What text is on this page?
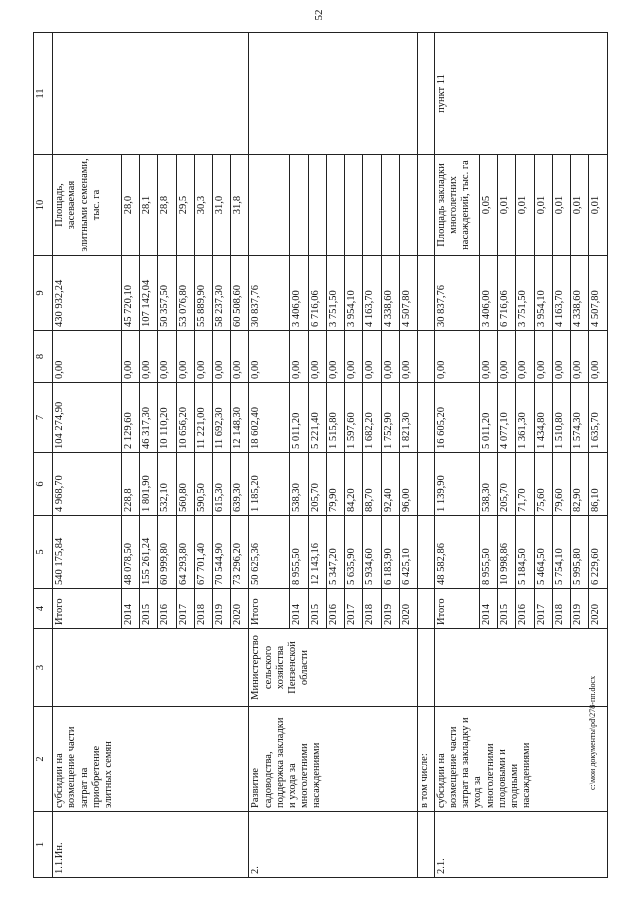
52
1	2	3	4	5	6	7	8	9	10	11
1.1.Ин.	субсидии на возмещение части затрат на приобретение элитных семян		Итого	540 175,84	4 968,70	104 274,90	0,00	430 932,24	Площадь, засеваемая элитными семенами, тыс. га	
			2014	48 078,50	228,8	2 129,60	0,00	45 720,10	28,0	
			2015	155 261,24	1 801,90	46 317,30	0,00	107 142,04	28,1	
			2016	60 999,80	532,10	10 110,20	0,00	50 357,50	28,8	
			2017	64 293,80	560,80	10 656,20	0,00	53 076,80	29,5	
			2018	67 701,40	590,50	11 221,00	0,00	55 889,90	30,3	
			2019	70 544,90	615,30	11 692,30	0,00	58 237,30	31,0	
			2020	73 296,20	639,30	12 148,30	0,00	60 508,60	31,8	
2.	Развитие садоводства, поддержка закладки и ухода за многолетними насаждениями	Министерство сельского хозяйства Пензенской области	Итого	50 625,36	1 185,20	18 602,40	0,00	30 837,76		
			2014	8 955,50	538,30	5 011,20	0,00	3 406,00		
			2015	12 143,16	205,70	5 221,40	0,00	6 716,06		
			2016	5 347,20	79,90	1 515,80	0,00	3 751,50		
			2017	5 635,90	84,20	1 597,60	0,00	3 954,10		
			2018	5 934,60	88,70	1 682,20	0,00	4 163,70		
			2019	6 183,90	92,40	1 752,90	0,00	4 338,60		
			2020	6 425,10	96,00	1 821,30	0,00	4 507,80		
	в том числе:									
2.1.	субсидии на возмещение части затрат на закладку и уход за многолетними плодовыми и ягодными насаждениями		Итого	48 582,86	1 139,90	16 605,20	0,00	30 837,76	Площадь закладки многолетних насаждений, тыс. га	пункт 11
			2014	8 955,50	538,30	5 011,20	0,00	3 406,00	0,05	
			2015	10 998,86	205,70	4 077,10	0,00	6 716,06	0,01	
			2016	5 184,50	71,70	1 361,30	0,00	3 751,50	0,01	
			2017	5 464,50	75,60	1 434,80	0,00	3 954,10	0,01	
			2018	5 754,10	79,60	1 510,80	0,00	4 163,70	0,01	
			2019	5 995,80	82,90	1 574,30	0,00	4 338,60	0,01	
			2020	6 229,60	86,10	1 635,70	0,00	4 507,80	0,01	
c:\мои документы\pd\278-пп.docx
